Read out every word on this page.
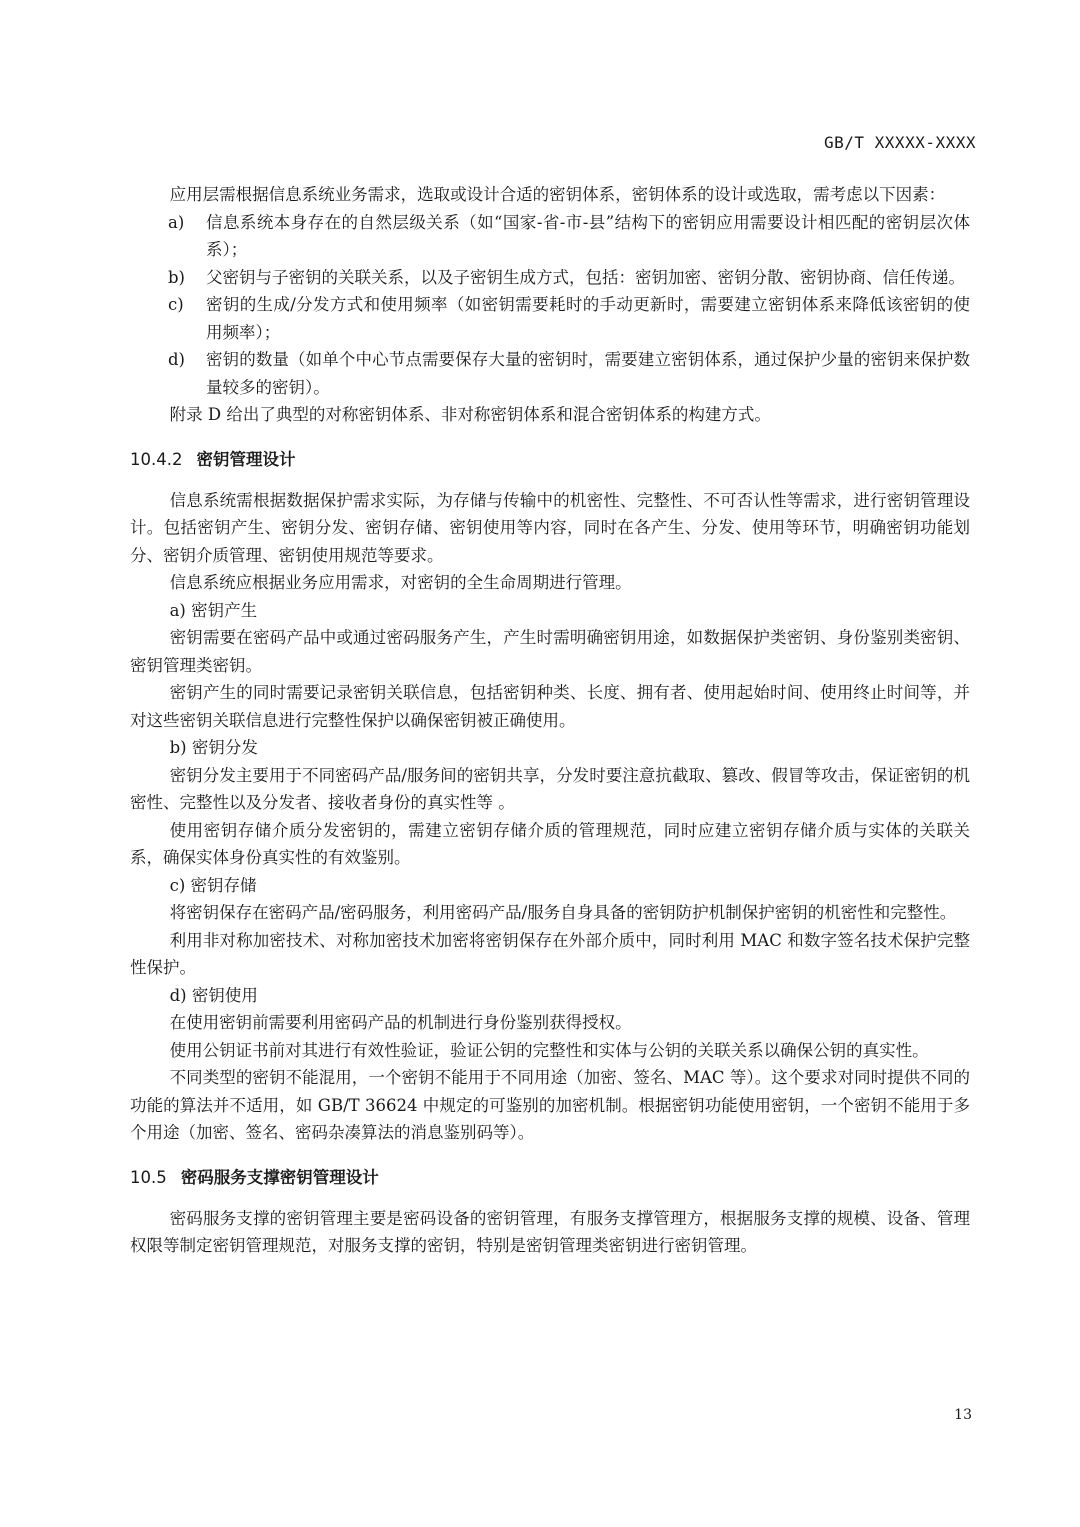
GB/T XXXXX-XXXX

应用层需根据信息系统业务需求，选取或设计合适的密钥体系，密钥体系的设计或选取，需考虑以下因素：

a)	信息系统本身存在的自然层级关系（如“国家-省-市-县”结构下的密钥应用需要设计相匹配的密钥层次体系）；
b)	父密钥与子密钥的关联关系，以及子密钥生成方式，包括：密钥加密、密钥分散、密钥协商、信任传递。
c)	密钥的生成/分发方式和使用频率（如密钥需要耗时的手动更新时，需要建立密钥体系来降低该密钥的使用频率）；
d)	密钥的数量（如单个中心节点需要保存大量的密钥时，需要建立密钥体系，通过保护少量的密钥来保护数量较多的密钥）。

附录 D 给出了典型的对称密钥体系、非对称密钥体系和混合密钥体系的构建方式。

10.4.2 密钥管理设计

信息系统需根据数据保护需求实际，为存储与传输中的机密性、完整性、不可否认性等需求，进行密钥管理设计。包括密钥产生、密钥分发、密钥存储、密钥使用等内容，同时在各产生、分发、使用等环节，明确密钥功能划分、密钥介质管理、密钥使用规范等要求。

信息系统应根据业务应用需求，对密钥的全生命周期进行管理。

a) 密钥产生

密钥需要在密码产品中或通过密码服务产生，产生时需明确密钥用途，如数据保护类密钥、身份鉴别类密钥、密钥管理类密钥。

密钥产生的同时需要记录密钥关联信息，包括密钥种类、长度、拥有者、使用起始时间、使用终止时间等，并对这些密钥关联信息进行完整性保护以确保密钥被正确使用。

b) 密钥分发

密钥分发主要用于不同密码产品/服务间的密钥共享，分发时要注意抗截取、篡改、假冒等攻击，保证密钥的机密性、完整性以及分发者、接收者身份的真实性等 。

使用密钥存储介质分发密钥的，需建立密钥存储介质的管理规范，同时应建立密钥存储介质与实体的关联关系，确保实体身份真实性的有效鉴别。

c) 密钥存储

将密钥保存在密码产品/密码服务，利用密码产品/服务自身具备的密钥防护机制保护密钥的机密性和完整性。

利用非对称加密技术、对称加密技术加密将密钥保存在外部介质中，同时利用 MAC 和数字签名技术保护完整性保护。

d) 密钥使用

在使用密钥前需要利用密码产品的机制进行身份鉴别获得授权。

使用公钥证书前对其进行有效性验证，验证公钥的完整性和实体与公钥的关联关系以确保公钥的真实性。

不同类型的密钥不能混用，一个密钥不能用于不同用途（加密、签名、MAC 等）。这个要求对同时提供不同的功能的算法并不适用，如 GB/T 36624 中规定的可鉴别的加密机制。根据密钥功能使用密钥，一个密钥不能用于多个用途（加密、签名、密码杂凑算法的消息鉴别码等）。

10.5 密码服务支撑密钥管理设计

密码服务支撑的密钥管理主要是密码设备的密钥管理，有服务支撑管理方，根据服务支撑的规模、设备、管理权限等制定密钥管理规范，对服务支撑的密钥，特别是密钥管理类密钥进行密钥管理。

13
